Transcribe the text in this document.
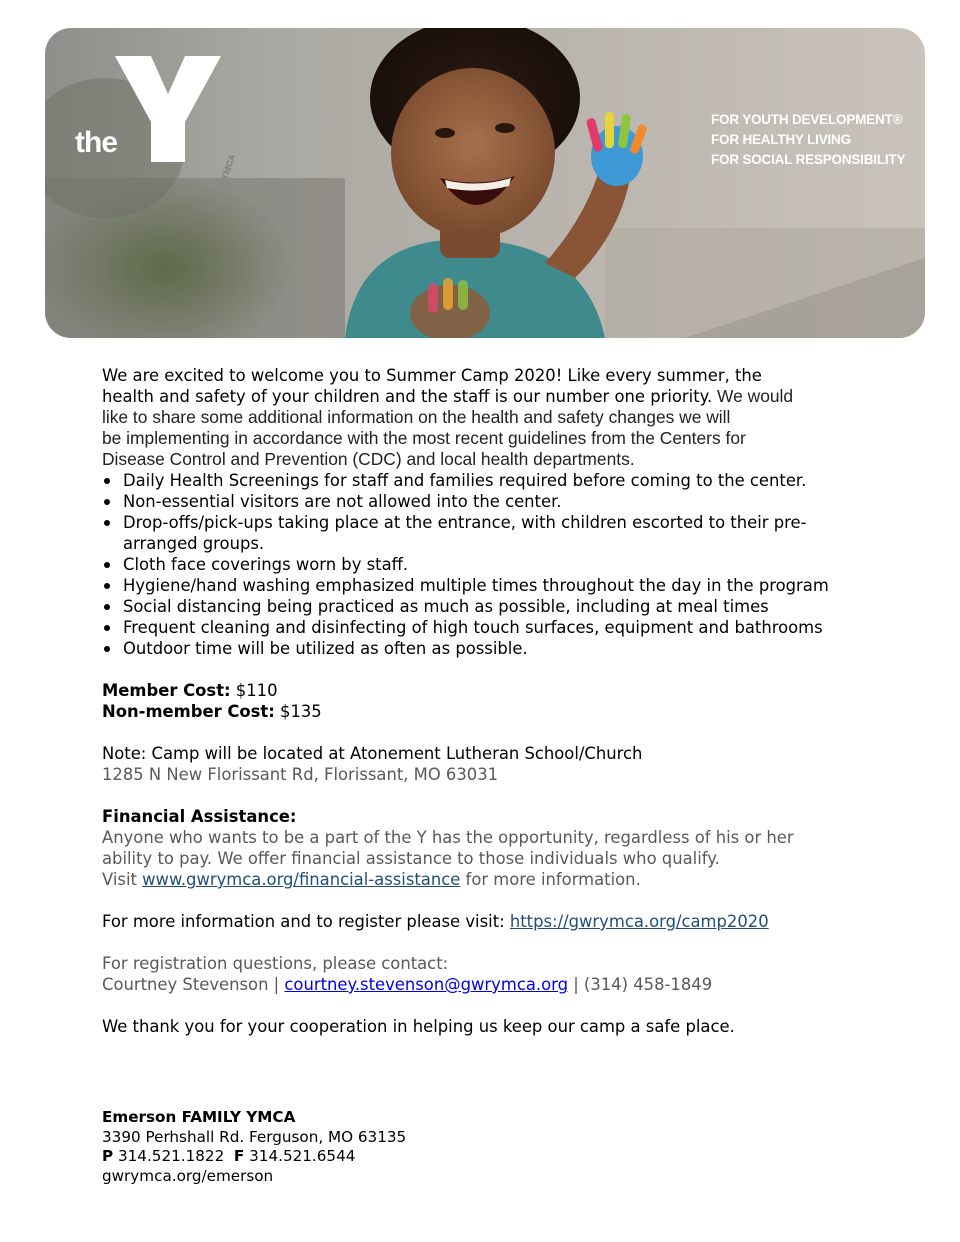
the
YMCA
FOR YOUTH DEVELOPMENT®
FOR HEALTHY LIVING
FOR SOCIAL RESPONSIBILITY

We are excited to welcome you to Summer Camp 2020! Like every summer, the

health and safety of your children and the staff is our number one priority. We would

like to share some additional information on the health and safety changes we will

be implementing in accordance with the most recent guidelines from the Centers for

Disease Control and Prevention (CDC) and local health departments.

Daily Health Screenings for staff and families required before coming to the center.
Non-essential visitors are not allowed into the center.
Drop-offs/pick-ups taking place at the entrance, with children escorted to their pre-arranged groups.
Cloth face coverings worn by staff.
Hygiene/hand washing emphasized multiple times throughout the day in the program
Social distancing being practiced as much as possible, including at meal times
Frequent cleaning and disinfecting of high touch surfaces, equipment and bathrooms
Outdoor time will be utilized as often as possible.

Member Cost: $110

Non-member Cost: $135

Note: Camp will be located at Atonement Lutheran School/Church

1285 N New Florissant Rd, Florissant, MO 63031

Financial Assistance:

Anyone who wants to be a part of the Y has the opportunity, regardless of his or her

ability to pay. We offer financial assistance to those individuals who qualify.

Visit www.gwrymca.org/financial-assistance for more information.

For more information and to register please visit: https://gwrymca.org/camp2020

For registration questions, please contact:

Courtney Stevenson | courtney.stevenson@gwrymca.org | (314) 458-1849

We thank you for your cooperation in helping us keep our camp a safe place.

Emerson FAMILY YMCA
3390 Perhshall Rd. Ferguson, MO 63135
P 314.521.1822 F 314.521.6544
gwrymca.org/emerson
